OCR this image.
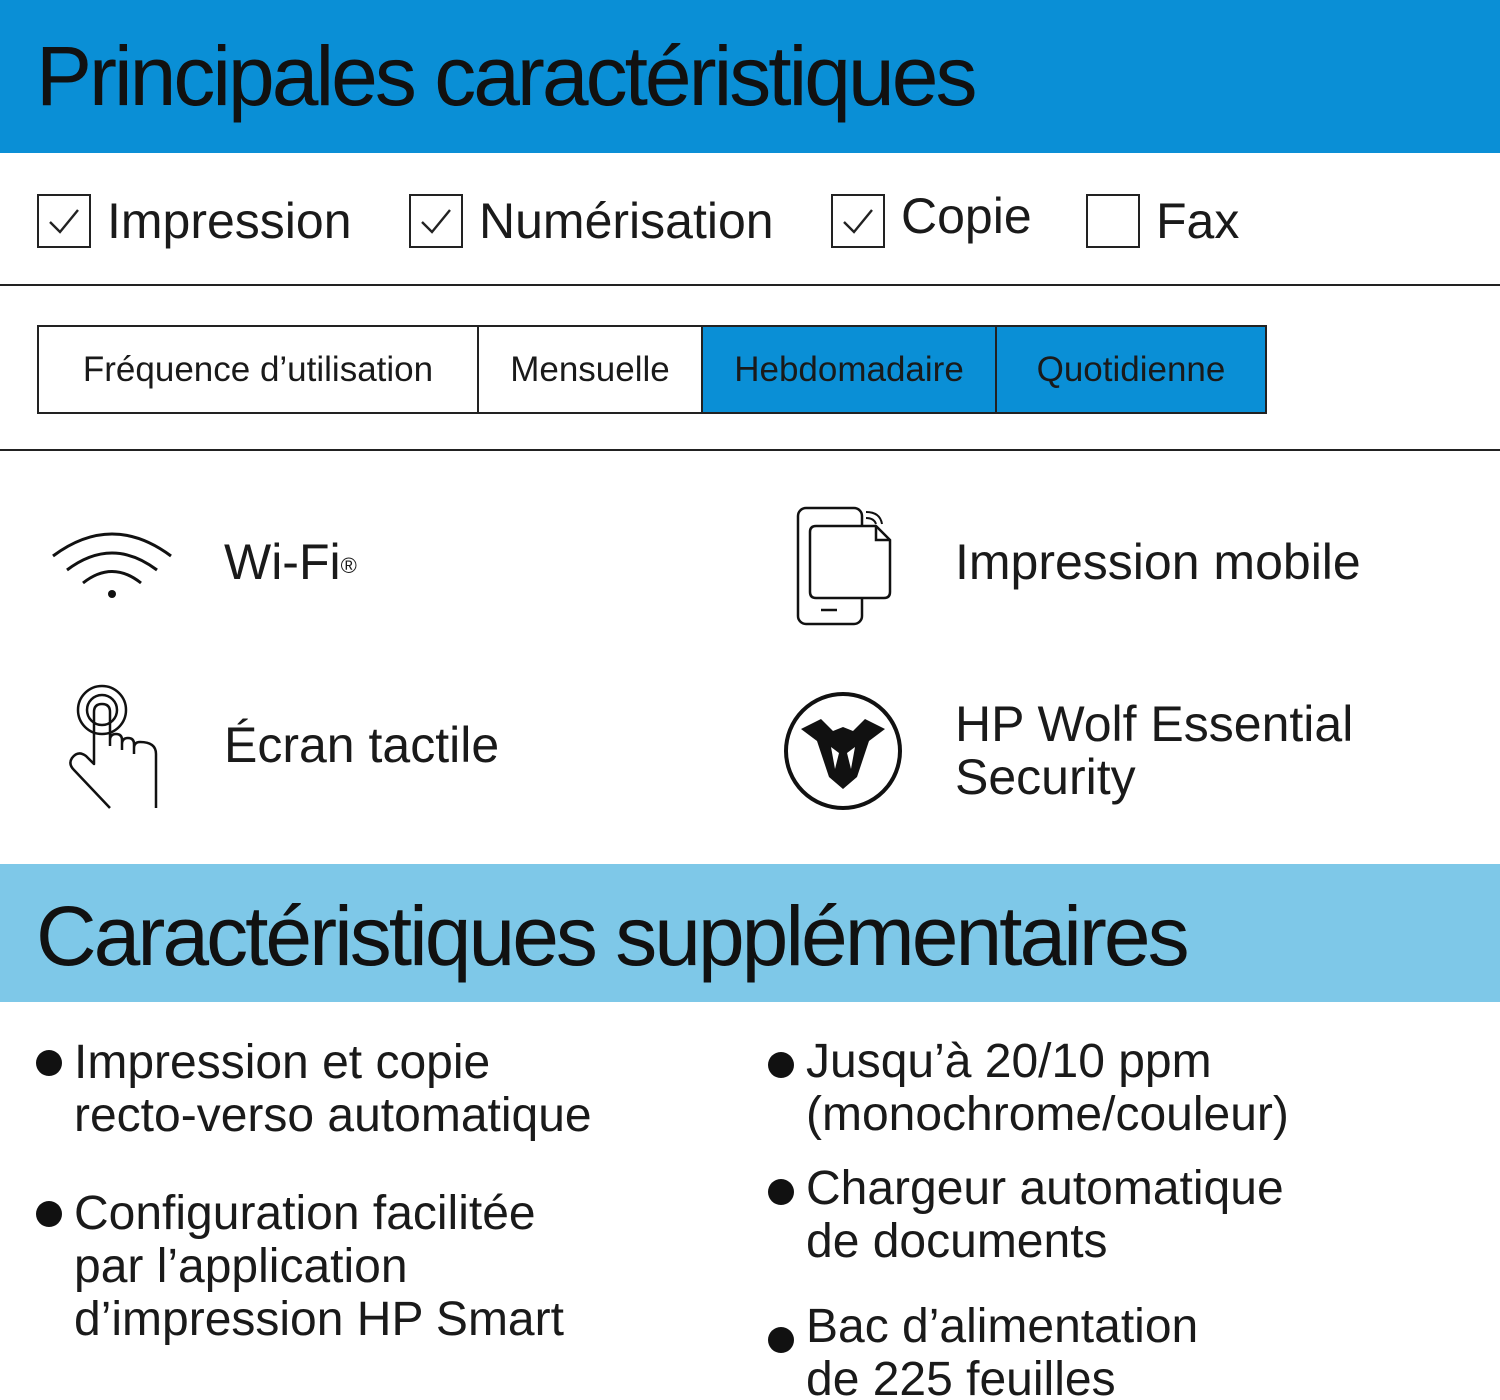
Principales caractéristiques
Impression	Numérisation	Copie Fax
Fréquence d’utilisation	Mensuelle	Hebdomadaire	Quotidienne
Wi-Fi®	Impression mobile
Écran tactile	HP Wolf Essential
Security
Caractéristiques supplémentaires
Impression et copie
recto-verso automatique
Configuration facilitée
par l’application
d’impression HP Smart
Jusqu’à 20/10 ppm
(monochrome/couleur)
Chargeur automatique
de documents
Bac d’alimentation
de 225 feuilles
